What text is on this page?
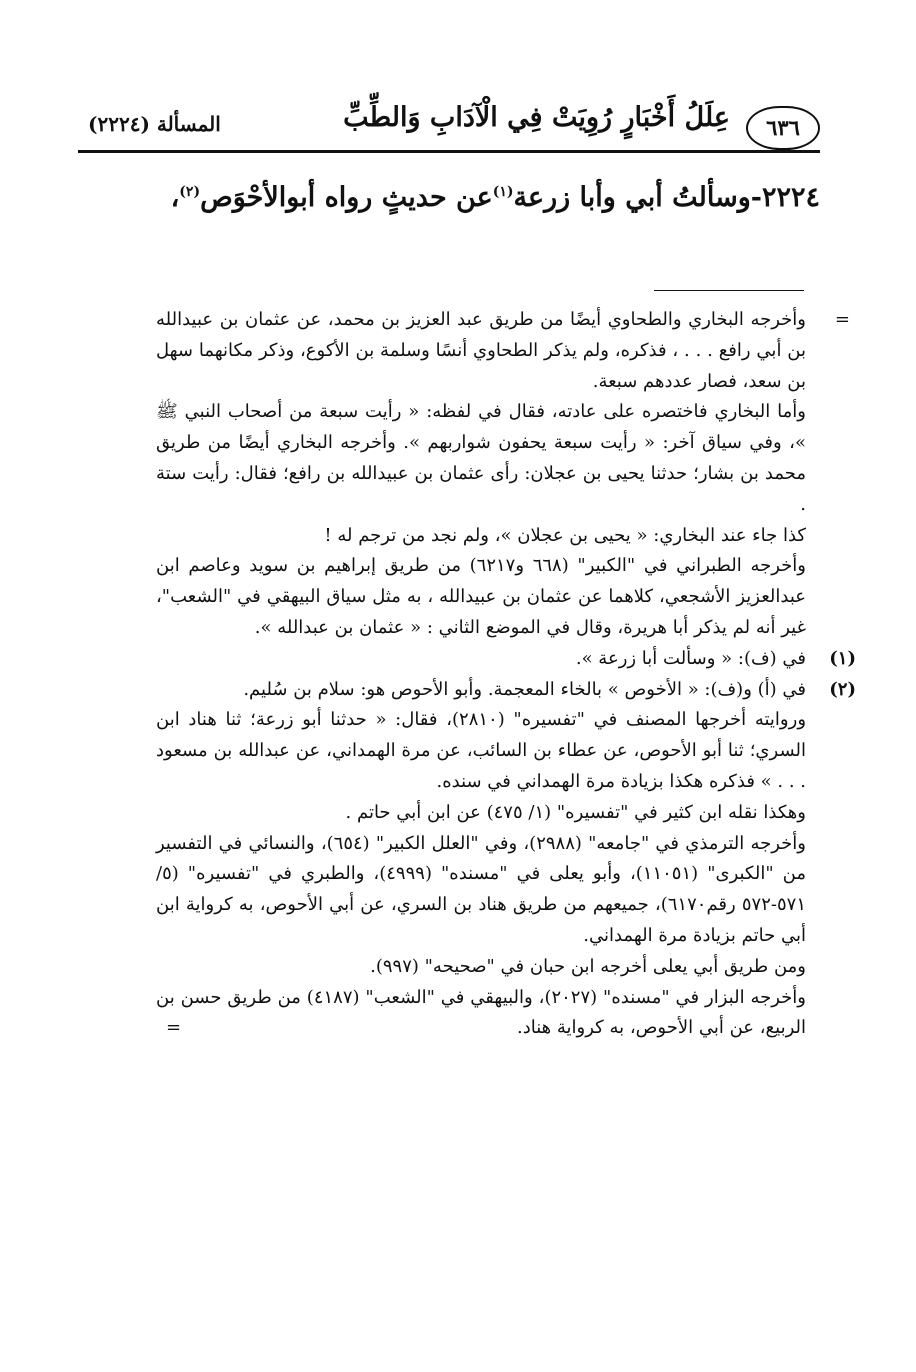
٦٣٦
عِلَلُ أَخْبَارٍ رُوِيَتْ فِي الْآدَابِ وَالطِّبِّ
المسألة (٢٢٢٤)
٢٢٢٤-وسألتُ أبي وأبا زرعة$^{(١)}$عن حديثٍ رواه أبوالأحْوَص$^{(٢)}$،
=

وأخرجه البخاري والطحاوي أيضًا من طريق عبد العزيز بن محمد، عن عثمان بن عبيدالله بن أبي رافع . . . ، فذكره، ولم يذكر الطحاوي أنسًا وسلمة بن الأكوع، وذكر مكانهما سهل بن سعد، فصار عددهم سبعة.

وأما البخاري فاختصره على عادته، فقال في لفظه: « رأيت سبعة من أصحاب النبي ﷺ »، وفي سياق آخر: « رأيت سبعة يحفون شواربهم ». وأخرجه البخاري أيضًا من طريق محمد بن بشار؛ حدثنا يحيى بن عجلان: رأى عثمان بن عبيدالله بن رافع؛ فقال: رأيت ستة .

كذا جاء عند البخاري: « يحيى بن عجلان »، ولم نجد من ترجم له !

وأخرجه الطبراني في "الكبير" (٦٦٨ و٦٢١٧) من طريق إبراهيم بن سويد وعاصم ابن عبدالعزيز الأشجعي، كلاهما عن عثمان بن عبيدالله ، به مثل سياق البيهقي في "الشعب"، غير أنه لم يذكر أبا هريرة، وقال في الموضع الثاني : « عثمان بن عبدالله ».

(١)

في (ف): « وسألت أبا زرعة ».

(٢)

في (أ) و(ف): « الأخوص » بالخاء المعجمة. وأبو الأحوص هو: سلام بن سُليم.

وروايته أخرجها المصنف في "تفسيره" (٢٨١٠)، فقال: « حدثنا أبو زرعة؛ ثنا هناد ابن السري؛ ثنا أبو الأحوص، عن عطاء بن السائب، عن مرة الهمداني، عن عبدالله بن مسعود . . . » فذكره هكذا بزيادة مرة الهمداني في سنده.

وهكذا نقله ابن كثير في "تفسيره" (١/ ٤٧٥) عن ابن أبي حاتم .

وأخرجه الترمذي في "جامعه" (٢٩٨٨)، وفي "العلل الكبير" (٦٥٤)، والنسائي في التفسير من "الكبرى" (١١٠٥١)، وأبو يعلى في "مسنده" (٤٩٩٩)، والطبري في "تفسيره" (٥/ ٥٧١-٥٧٢ رقم٦١٧٠)، جميعهم من طريق هناد بن السري، عن أبي الأحوص، به كرواية ابن أبي حاتم بزيادة مرة الهمداني.

ومن طريق أبي يعلى أخرجه ابن حبان في "صحيحه" (٩٩٧).

وأخرجه البزار في "مسنده" (٢٠٢٧)، والبيهقي في "الشعب" (٤١٨٧) من طريق حسن بن الربيع، عن أبي الأحوص، به كرواية هناد.

=
